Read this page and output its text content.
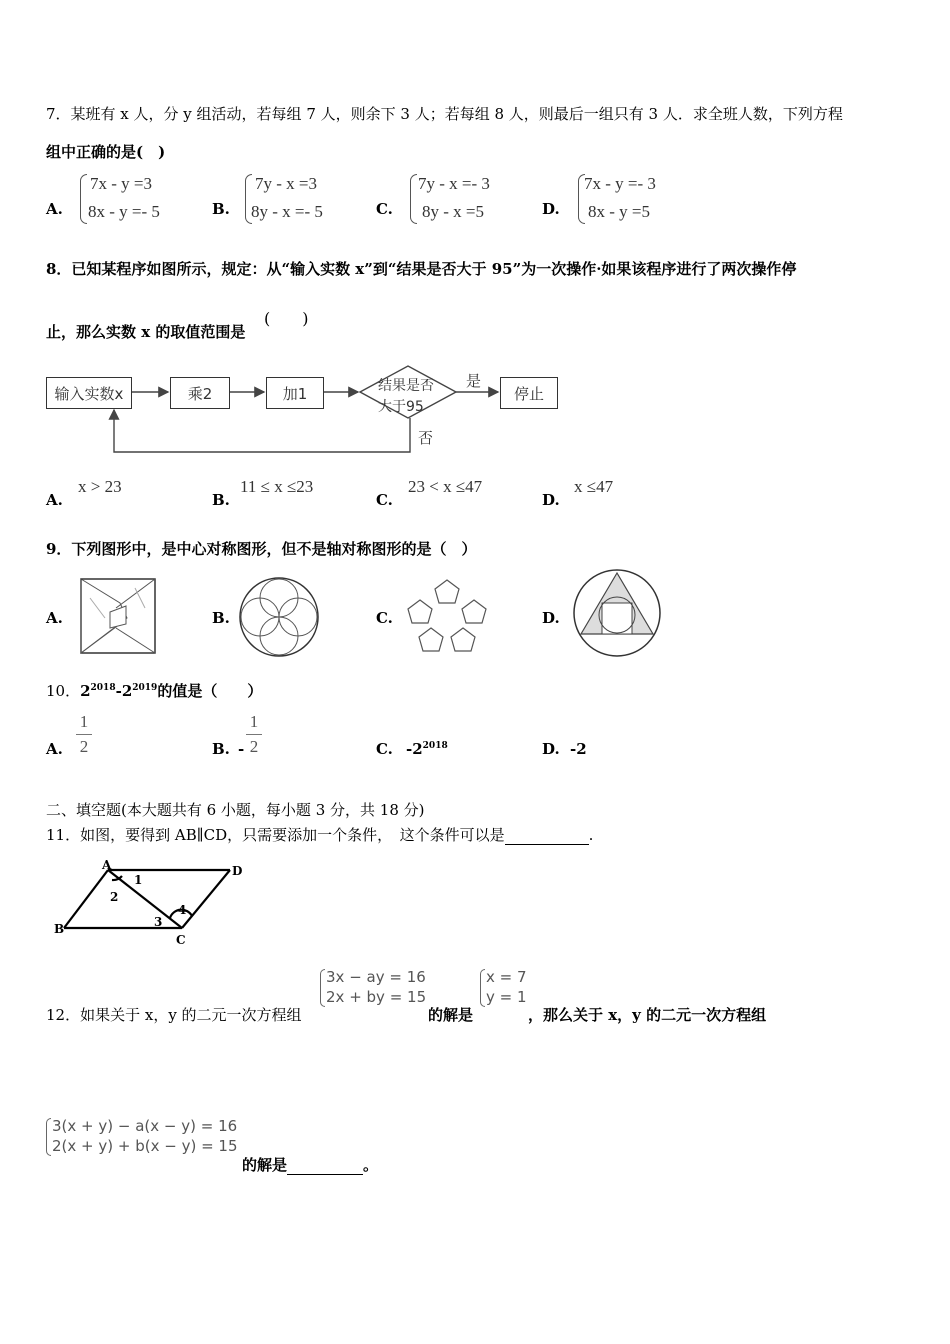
7．某班有 x 人，分 y 组活动，若每组 7 人，则余下 3 人；若每组 8 人，则最后一组只有 3 人．求全班人数，下列方程
组中正确的是(　)
A.
7x - y =3
8x - y =- 5	B.
7y - x =3
8y - x =- 5	C.
7y - x =- 3
8y - x =5	D.
7x - y =- 3
8x - y =5
8．已知某程序如图所示，规定：从“输入实数 x”到“结果是否大于 95”为一次操作·如果该程序进行了两次操作停
止，那么实数 x 的取值范围是
(　　)
输入实数x	乘2	加1	结果是否
大于95
是
停止
否
A.
x > 23
B.
11 ≤ x ≤23
C.
23 < x ≤47
D.
x ≤47
9．下列图形中，是中心对称图形，但不是轴对称图形的是（　）
A.	B.	C.	D.
10．$2^{2018}-2^{2019}$的值是（　　）
A.
1
2	B. -
1
2	C. $-2^{2018}$	D. -2
二、填空题(本大题共有 6 小题，每小题 3 分，共 18 分)
11．如图，要得到 AB∥CD，只需要添加一个条件，　这个条件可以是	.
A	D
B
C
1
2
3
4
3x − ay = 16
2x + by = 15
x = 7
y = 1
12．如果关于 x，y 的二元一次方程组	的解是	，那么关于 x，y 的二元一次方程组
3(x + y) − a(x − y) = 16
2(x + y) + b(x − y) = 15
的解是	。
